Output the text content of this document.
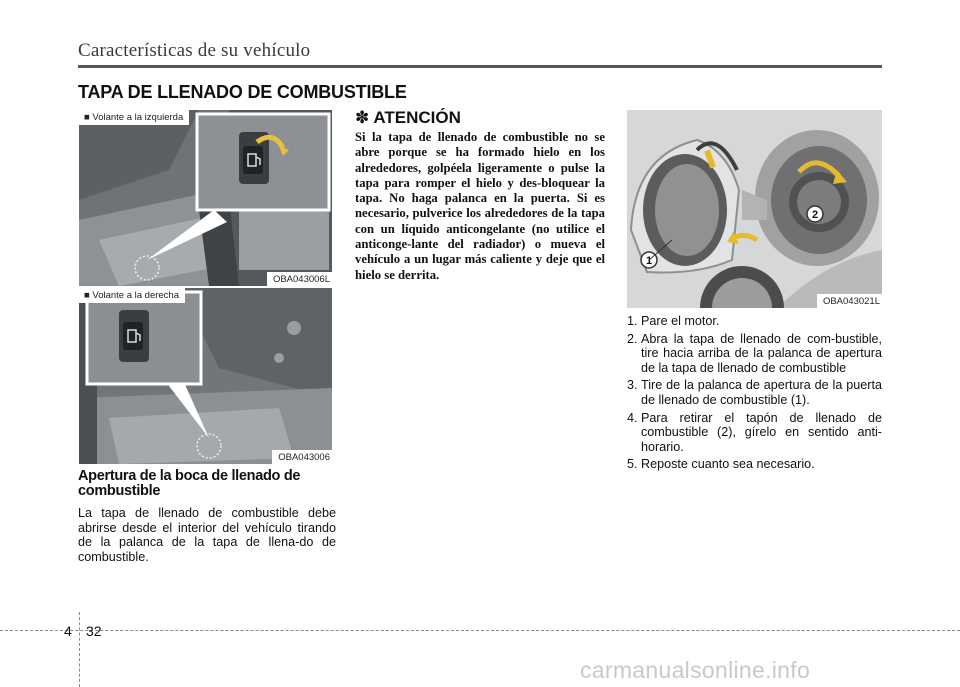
Características de su vehículo
TAPA DE LLENADO DE COMBUSTIBLE
■ Volante a la izquierda
OBA043006L
■ Volante a la derecha
OBA043006
Apertura de la boca de llenado de combustible
La tapa de llenado de combustible debe abrirse desde el interior del vehículo tirando de la palanca de la tapa de llena-do de combustible.
✽ ATENCIÓN
Si la tapa de llenado de combustible no se abre porque se ha formado hielo en los alrededores, golpéela ligeramente o pulse la tapa para romper el hielo y des-bloquear la tapa. No haga palanca en la puerta. Si es necesario, pulverice los alrededores de la tapa con un líquido anticongelante (no utilice el anticonge-lante del radiador) o mueva el vehículo a un lugar más caliente y deje que el hielo se derrita.
1
2
OBA043021L
1. Pare el motor.
2. Abra la tapa de llenado de com-bustible, tire hacia arriba de la palanca de apertura de la tapa de llenado de combustible
3. Tire de la palanca de apertura de la puerta de llenado de combustible (1).
4. Para retirar el tapón de llenado de combustible (2), gírelo en sentido anti-horario.
5. Reposte cuanto sea necesario.
4 32
carmanualsonline.info
